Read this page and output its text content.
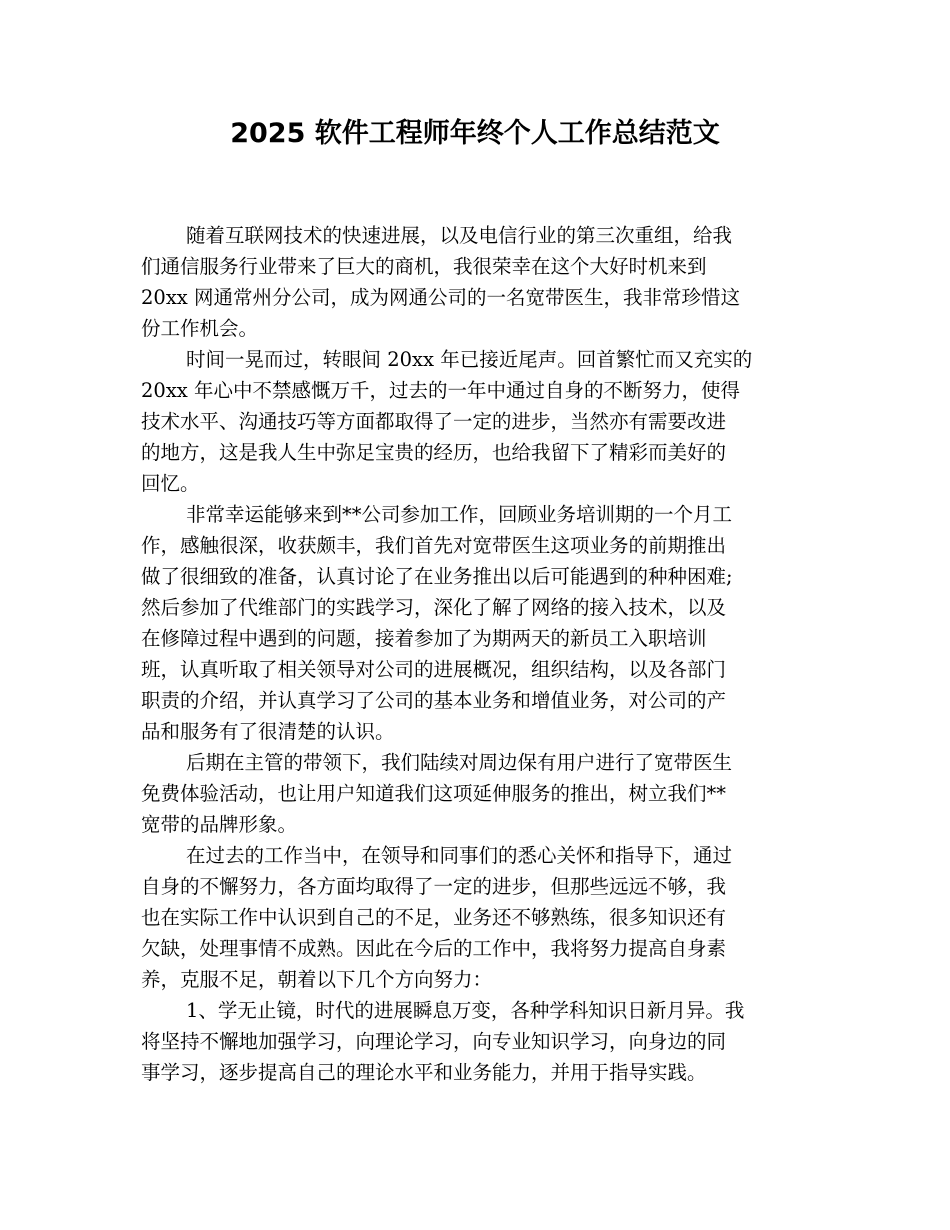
2025 软件工程师年终个人工作总结范文
随着互联网技术的快速进展，以及电信行业的第三次重组，给我
们通信服务行业带来了巨大的商机，我很荣幸在这个大好时机来到
20xx 网通常州分公司，成为网通公司的一名宽带医生，我非常珍惜这
份工作机会。
时间一晃而过，转眼间 20xx 年已接近尾声。回首繁忙而又充实的
20xx 年心中不禁感慨万千，过去的一年中通过自身的不断努力，使得
技术水平、沟通技巧等方面都取得了一定的进步，当然亦有需要改进
的地方，这是我人生中弥足宝贵的经历，也给我留下了精彩而美好的
回忆。
非常幸运能够来到**公司参加工作，回顾业务培训期的一个月工
作，感触很深，收获颇丰，我们首先对宽带医生这项业务的前期推出
做了很细致的准备，认真讨论了在业务推出以后可能遇到的种种困难;
然后参加了代维部门的实践学习，深化了解了网络的接入技术，以及
在修障过程中遇到的问题，接着参加了为期两天的新员工入职培训
班，认真听取了相关领导对公司的进展概况，组织结构，以及各部门
职责的介绍，并认真学习了公司的基本业务和增值业务，对公司的产
品和服务有了很清楚的认识。
后期在主管的带领下，我们陆续对周边保有用户进行了宽带医生
免费体验活动，也让用户知道我们这项延伸服务的推出，树立我们**
宽带的品牌形象。
在过去的工作当中，在领导和同事们的悉心关怀和指导下，通过
自身的不懈努力，各方面均取得了一定的进步，但那些远远不够，我
也在实际工作中认识到自己的不足，业务还不够熟练，很多知识还有
欠缺，处理事情不成熟。因此在今后的工作中，我将努力提高自身素
养，克服不足，朝着以下几个方向努力：
1、学无止镜，时代的进展瞬息万变，各种学科知识日新月异。我
将坚持不懈地加强学习，向理论学习，向专业知识学习，向身边的同
事学习，逐步提高自己的理论水平和业务能力，并用于指导实践。
